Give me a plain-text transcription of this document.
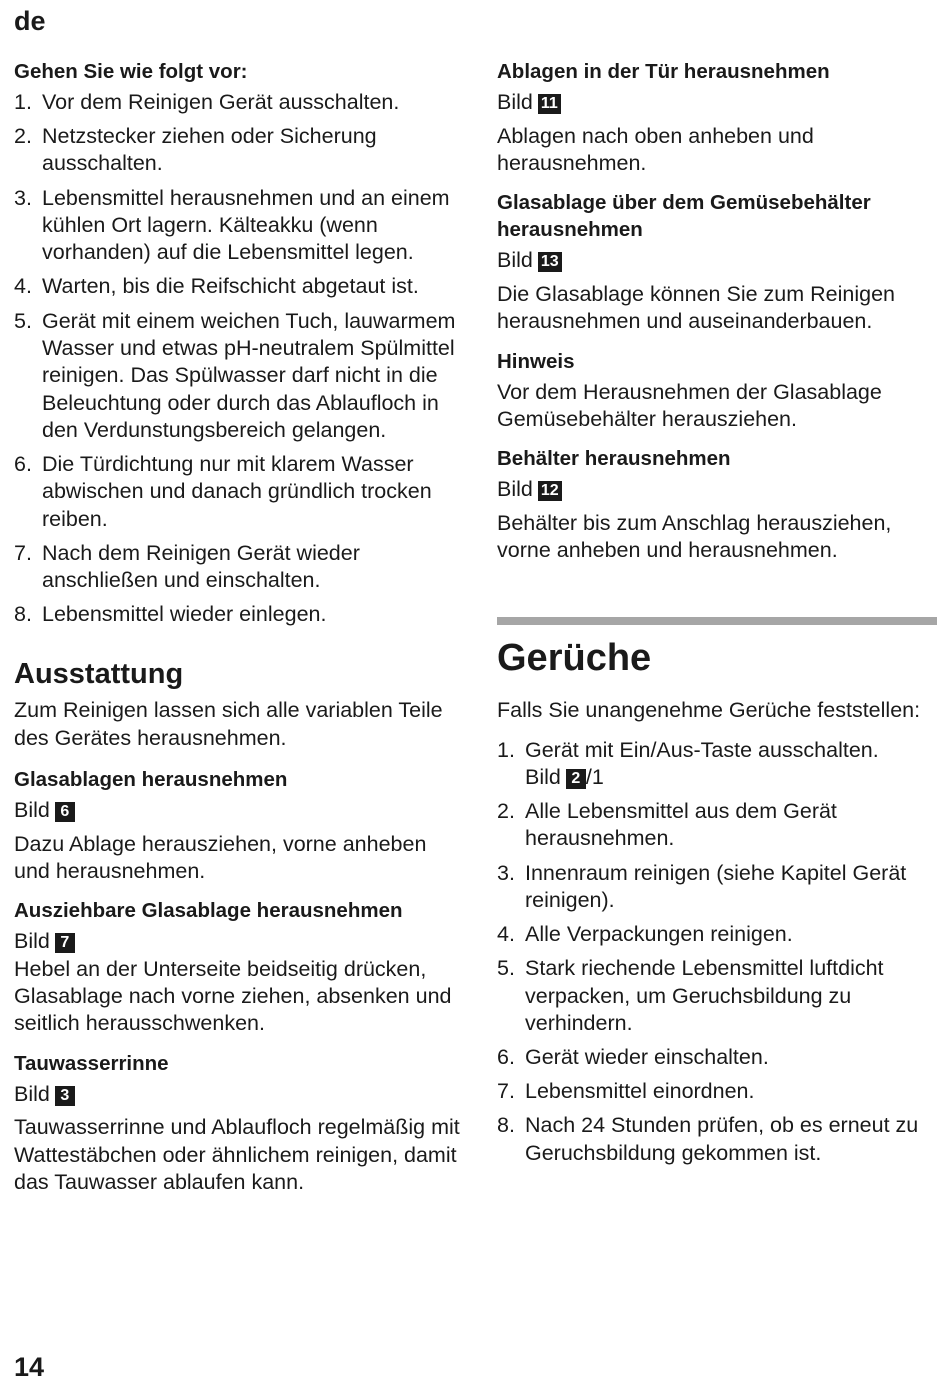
de

Gehen Sie wie folgt vor:

1. Vor dem Reinigen Gerät ausschalten.
2. Netzstecker ziehen oder Sicherung ausschalten.
3. Lebensmittel herausnehmen und an einem kühlen Ort lagern. Kälteakku (wenn vorhanden) auf die Lebensmittel legen.
4. Warten, bis die Reifschicht abgetaut ist.
5. Gerät mit einem weichen Tuch, lauwarmem Wasser und etwas pH-neutralem Spülmittel reinigen. Das Spülwasser darf nicht in die Beleuchtung oder durch das Ablaufloch in den Verdunstungsbereich gelangen.
6. Die Türdichtung nur mit klarem Wasser abwischen und danach gründlich trocken reiben.
7. Nach dem Reinigen Gerät wieder anschließen und einschalten.
8. Lebensmittel wieder einlegen.

Ausstattung

Zum Reinigen lassen sich alle variablen Teile des Gerätes herausnehmen.

Glasablagen herausnehmen

Bild 6

Dazu Ablage herausziehen, vorne anheben und herausnehmen.

Ausziehbare Glasablage herausnehmen

Bild 7

Hebel an der Unterseite beidseitig drücken, Glasablage nach vorne ziehen, absenken und seitlich herausschwenken.

Tauwasserrinne

Bild 3

Tauwasserrinne und Ablaufloch regelmäßig mit Wattestäbchen oder ähnlichem reinigen, damit das Tauwasser ablaufen kann.

Ablagen in der Tür herausnehmen

Bild 11

Ablagen nach oben anheben und herausnehmen.

Glasablage über dem Gemüsebehälter herausnehmen

Bild 13

Die Glasablage können Sie zum Reinigen herausnehmen und auseinanderbauen.

Hinweis

Vor dem Herausnehmen der Glasablage Gemüsebehälter herausziehen.

Behälter herausnehmen

Bild 12

Behälter bis zum Anschlag herausziehen, vorne anheben und herausnehmen.

Gerüche

Falls Sie unangenehme Gerüche feststellen:

1. Gerät mit Ein/Aus-Taste ausschalten.
Bild 2 /1
2. Alle Lebensmittel aus dem Gerät herausnehmen.
3. Innenraum reinigen (siehe Kapitel Gerät reinigen).
4. Alle Verpackungen reinigen.
5. Stark riechende Lebensmittel luftdicht verpacken, um Geruchsbildung zu verhindern.
6. Gerät wieder einschalten.
7. Lebensmittel einordnen.
8. Nach 24 Stunden prüfen, ob es erneut zu Geruchsbildung gekommen ist.
14
